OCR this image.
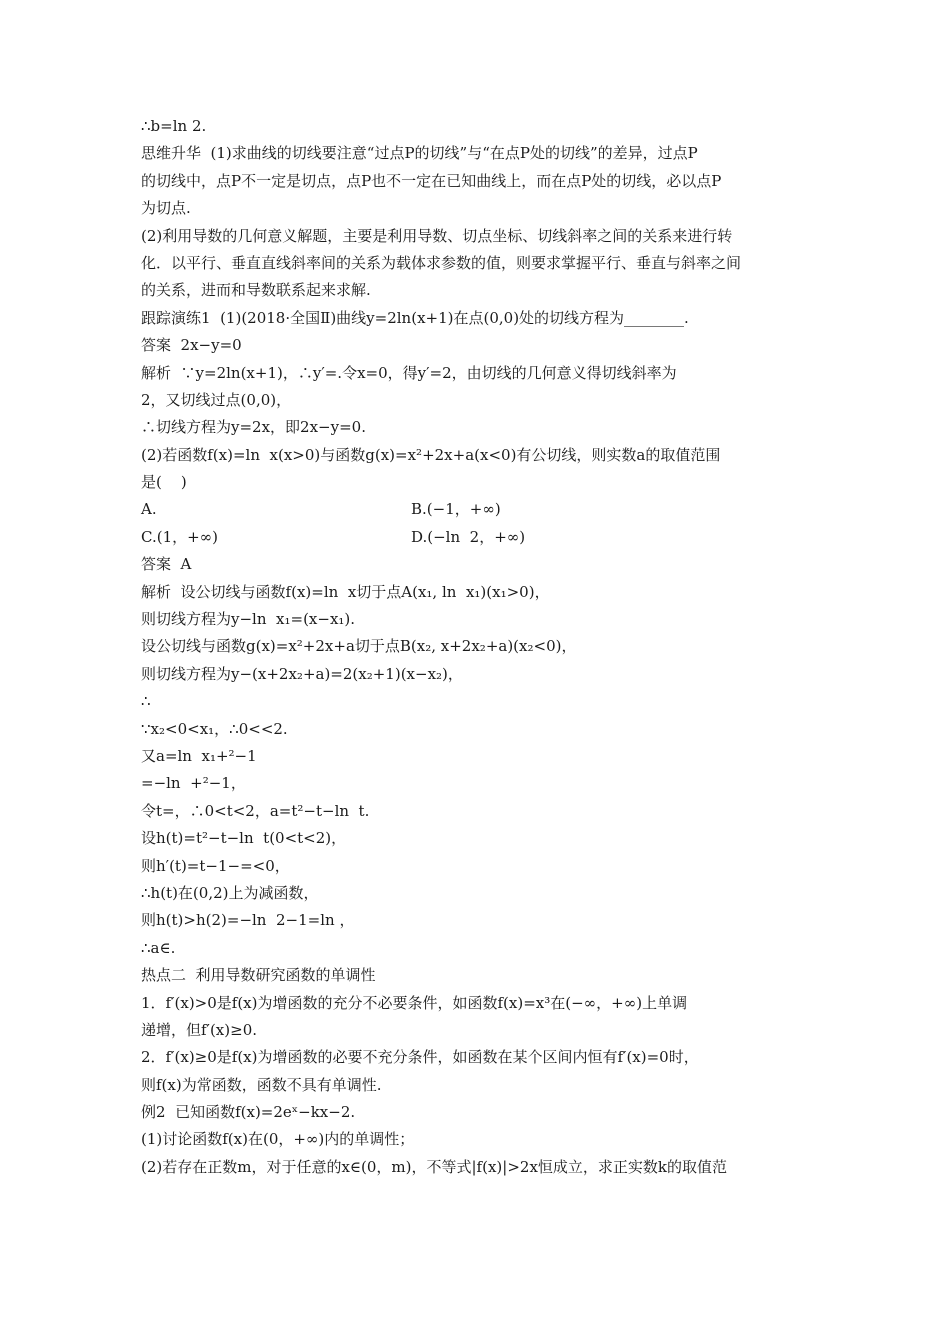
∴b=ln 2.
思维升华  (1)求曲线的切线要注意“过点P的切线”与“在点P处的切线”的差异，过点P
的切线中，点P不一定是切点，点P也不一定在已知曲线上，而在点P处的切线，必以点P
为切点.
(2)利用导数的几何意义解题，主要是利用导数、切点坐标、切线斜率之间的关系来进行转
化．以平行、垂直直线斜率间的关系为载体求参数的值，则要求掌握平行、垂直与斜率之间
的关系，进而和导数联系起来求解.
跟踪演练1  (1)(2018·全国Ⅱ)曲线y=2ln(x+1)在点(0,0)处的切线方程为________.
答案  2x−y=0
解析  ∵y=2ln(x+1)，∴y′=.令x=0，得y′=2，由切线的几何意义得切线斜率为
2，又切线过点(0,0)，
∴切线方程为y=2x，即2x−y=0.
(2)若函数f(x)=ln  x(x>0)与函数g(x)=x²+2x+a(x<0)有公切线，则实数a的取值范围
是(    )
A.	B.(−1，+∞)
C.(1，+∞)	D.(−ln  2，+∞)
答案  A
解析  设公切线与函数f(x)=ln  x切于点A(x₁, ln  x₁)(x₁>0)，
则切线方程为y−ln  x₁=(x−x₁).
设公切线与函数g(x)=x²+2x+a切于点B(x₂, x+2x₂+a)(x₂<0)，
则切线方程为y−(x+2x₂+a)=2(x₂+1)(x−x₂)，
∴
∵x₂<0<x₁，∴0<<2.
又a=ln  x₁+²−1
=−ln  +²−1，
令t=，∴0<t<2，a=t²−t−ln  t.
设h(t)=t²−t−ln  t(0<t<2)，
则h′(t)=t−1−=<0，
∴h(t)在(0,2)上为减函数，
则h(t)>h(2)=−ln  2−1=ln ，
∴a∈.
热点二  利用导数研究函数的单调性
1．f′(x)>0是f(x)为增函数的充分不必要条件，如函数f(x)=x³在(−∞，+∞)上单调
递增，但f′(x)≥0.
2．f′(x)≥0是f(x)为增函数的必要不充分条件，如函数在某个区间内恒有f′(x)=0时，
则f(x)为常函数，函数不具有单调性.
例2  已知函数f(x)=2eˣ−kx−2.
(1)讨论函数f(x)在(0，+∞)内的单调性；
(2)若存在正数m，对于任意的x∈(0，m)，不等式|f(x)|>2x恒成立，求正实数k的取值范
